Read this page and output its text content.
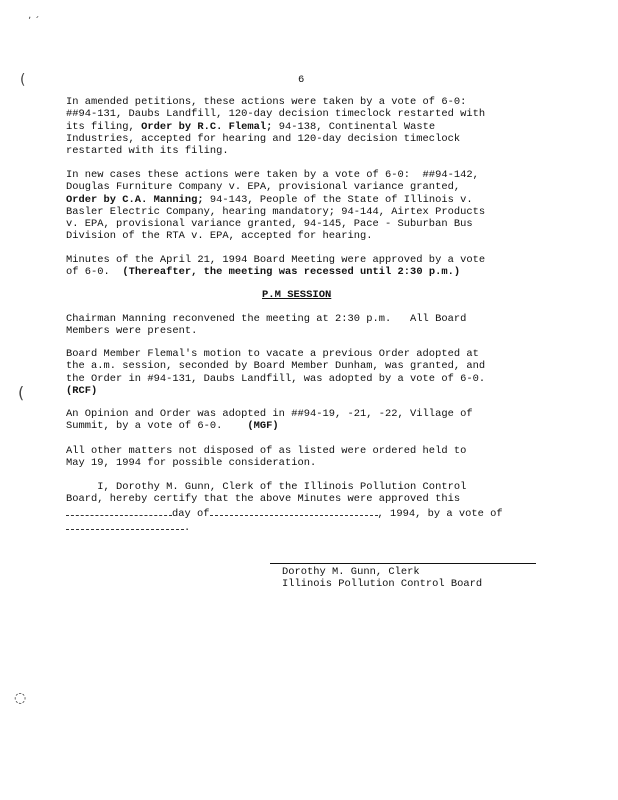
6
In amended petitions, these actions were taken by a vote of 6-0:
##94-131, Daubs Landfill, 120-day decision timeclock restarted with
its filing, Order by R.C. Flemal; 94-138, Continental Waste
Industries, accepted for hearing and 120-day decision timeclock
restarted with its filing.
In new cases these actions were taken by a vote of 6-0:  ##94-142,
Douglas Furniture Company v. EPA, provisional variance granted,
Order by C.A. Manning; 94-143, People of the State of Illinois v.
Basler Electric Company, hearing mandatory; 94-144, Airtex Products
v. EPA, provisional variance granted, 94-145, Pace - Suburban Bus
Division of the RTA v. EPA, accepted for hearing.
Minutes of the April 21, 1994 Board Meeting were approved by a vote
of 6-0.  (Thereafter, the meeting was recessed until 2:30 p.m.)
P.M SESSION
Chairman Manning reconvened the meeting at 2:30 p.m.   All Board
Members were present.
Board Member Flemal's motion to vacate a previous Order adopted at
the a.m. session, seconded by Board Member Dunham, was granted, and
the Order in #94-131, Daubs Landfill, was adopted by a vote of 6-0.
(RCF)
An Opinion and Order was adopted in ##94-19, -21, -22, Village of
Summit, by a vote of 6-0.    (MGF)
All other matters not disposed of as listed were ordered held to
May 19, 1994 for possible consideration.
I, Dorothy M. Gunn, Clerk of the Illinois Pollution Control
Board, hereby certify that the above Minutes were approved this
day of	, 1994, by a vote of
.
Dorothy M. Gunn, Clerk
Illinois Pollution Control Board
ʼ ˊ
(
(
◌
